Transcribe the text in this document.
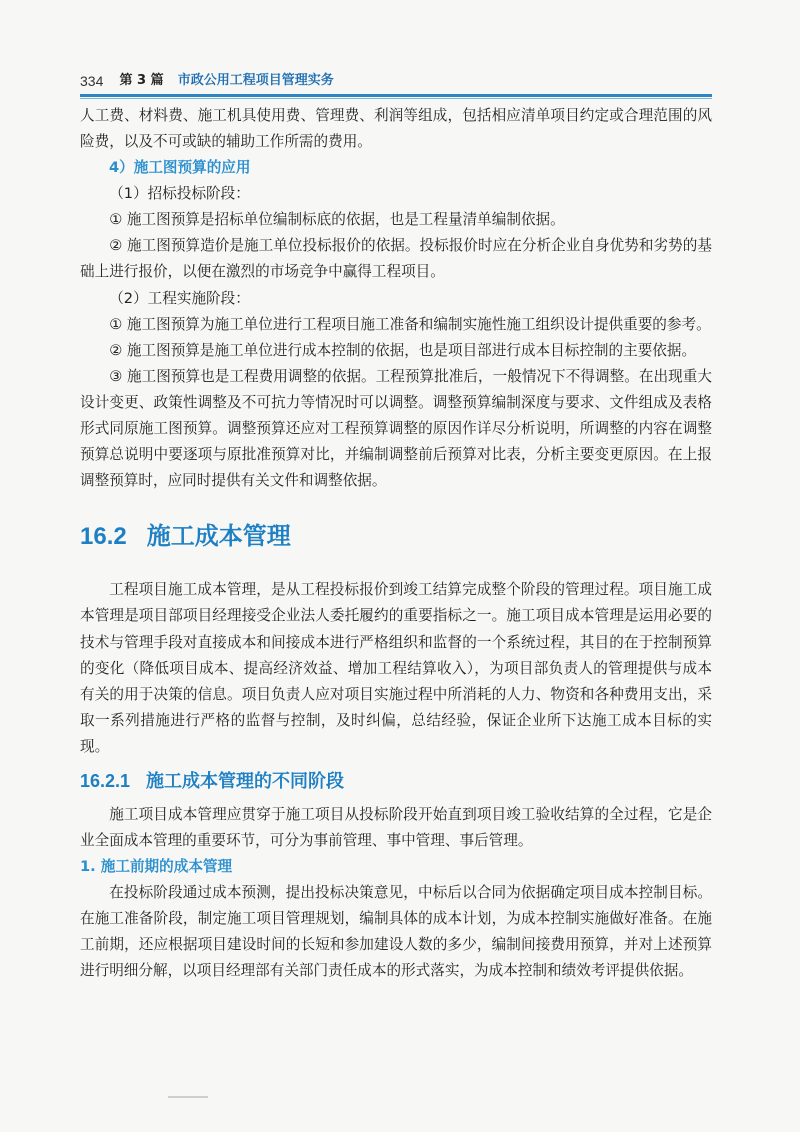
334 第 3 篇 市政公用工程项目管理实务

人工费、材料费、施工机具使用费、管理费、利润等组成，包括相应清单项目约定或合理范围的风险费，以及不可或缺的辅助工作所需的费用。

4）施工图预算的应用

（1）招标投标阶段：

① 施工图预算是招标单位编制标底的依据，也是工程量清单编制依据。

② 施工图预算造价是施工单位投标报价的依据。投标报价时应在分析企业自身优势和劣势的基础上进行报价，以便在激烈的市场竞争中赢得工程项目。

（2）工程实施阶段：

① 施工图预算为施工单位进行工程项目施工准备和编制实施性施工组织设计提供重要的参考。

② 施工图预算是施工单位进行成本控制的依据，也是项目部进行成本目标控制的主要依据。

③ 施工图预算也是工程费用调整的依据。工程预算批准后，一般情况下不得调整。在出现重大设计变更、政策性调整及不可抗力等情况时可以调整。调整预算编制深度与要求、文件组成及表格形式同原施工图预算。调整预算还应对工程预算调整的原因作详尽分析说明，所调整的内容在调整预算总说明中要逐项与原批准预算对比，并编制调整前后预算对比表，分析主要变更原因。在上报调整预算时，应同时提供有关文件和调整依据。

16.2 施工成本管理

工程项目施工成本管理，是从工程投标报价到竣工结算完成整个阶段的管理过程。项目施工成本管理是项目部项目经理接受企业法人委托履约的重要指标之一。施工项目成本管理是运用必要的技术与管理手段对直接成本和间接成本进行严格组织和监督的一个系统过程，其目的在于控制预算的变化（降低项目成本、提高经济效益、增加工程结算收入），为项目部负责人的管理提供与成本有关的用于决策的信息。项目负责人应对项目实施过程中所消耗的人力、物资和各种费用支出，采取一系列措施进行严格的监督与控制，及时纠偏，总结经验，保证企业所下达施工成本目标的实现。

16.2.1 施工成本管理的不同阶段

施工项目成本管理应贯穿于施工项目从投标阶段开始直到项目竣工验收结算的全过程，它是企业全面成本管理的重要环节，可分为事前管理、事中管理、事后管理。

1. 施工前期的成本管理

在投标阶段通过成本预测，提出投标决策意见，中标后以合同为依据确定项目成本控制目标。在施工准备阶段，制定施工项目管理规划，编制具体的成本计划，为成本控制实施做好准备。在施工前期，还应根据项目建设时间的长短和参加建设人数的多少，编制间接费用预算，并对上述预算进行明细分解，以项目经理部有关部门责任成本的形式落实，为成本控制和绩效考评提供依据。
